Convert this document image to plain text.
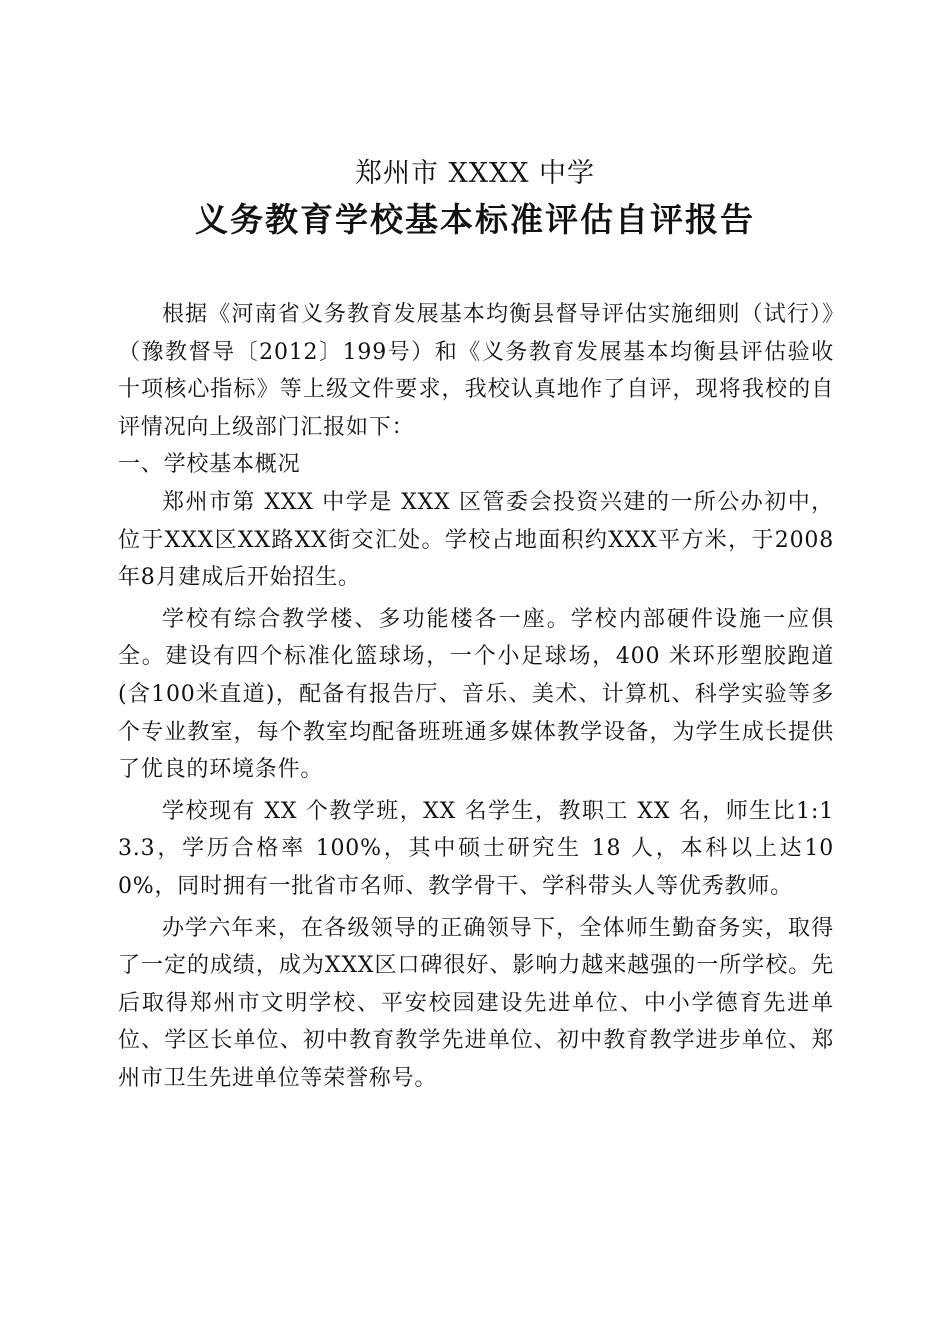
郑州市 XXXX 中学
义务教育学校基本标准评估自评报告

根据《河南省义务教育发展基本均衡县督导评估实施细则（试行）》（豫教督导〔2012〕199号）和《义务教育发展基本均衡县评估验收十项核心指标》等上级文件要求，我校认真地作了自评，现将我校的自评情况向上级部门汇报如下：

一、学校基本概况

郑州市第 XXX 中学是 XXX 区管委会投资兴建的一所公办初中，位于XXX区XX路XX街交汇处。学校占地面积约XXX平方米，于2008年8月建成后开始招生。

学校有综合教学楼、多功能楼各一座。学校内部硬件设施一应俱全。建设有四个标准化篮球场，一个小足球场，400 米环形塑胶跑道(含100米直道)，配备有报告厅、音乐、美术、计算机、科学实验等多个专业教室，每个教室均配备班班通多媒体教学设备，为学生成长提供了优良的环境条件。

学校现有 XX 个教学班，XX 名学生，教职工 XX 名，师生比1:13.3，学历合格率 100%，其中硕士研究生 18 人，本科以上达100%，同时拥有一批省市名师、教学骨干、学科带头人等优秀教师。

办学六年来，在各级领导的正确领导下，全体师生勤奋务实，取得了一定的成绩，成为XXX区口碑很好、影响力越来越强的一所学校。先后取得郑州市文明学校、平安校园建设先进单位、中小学德育先进单位、学区长单位、初中教育教学先进单位、初中教育教学进步单位、郑州市卫生先进单位等荣誉称号。
